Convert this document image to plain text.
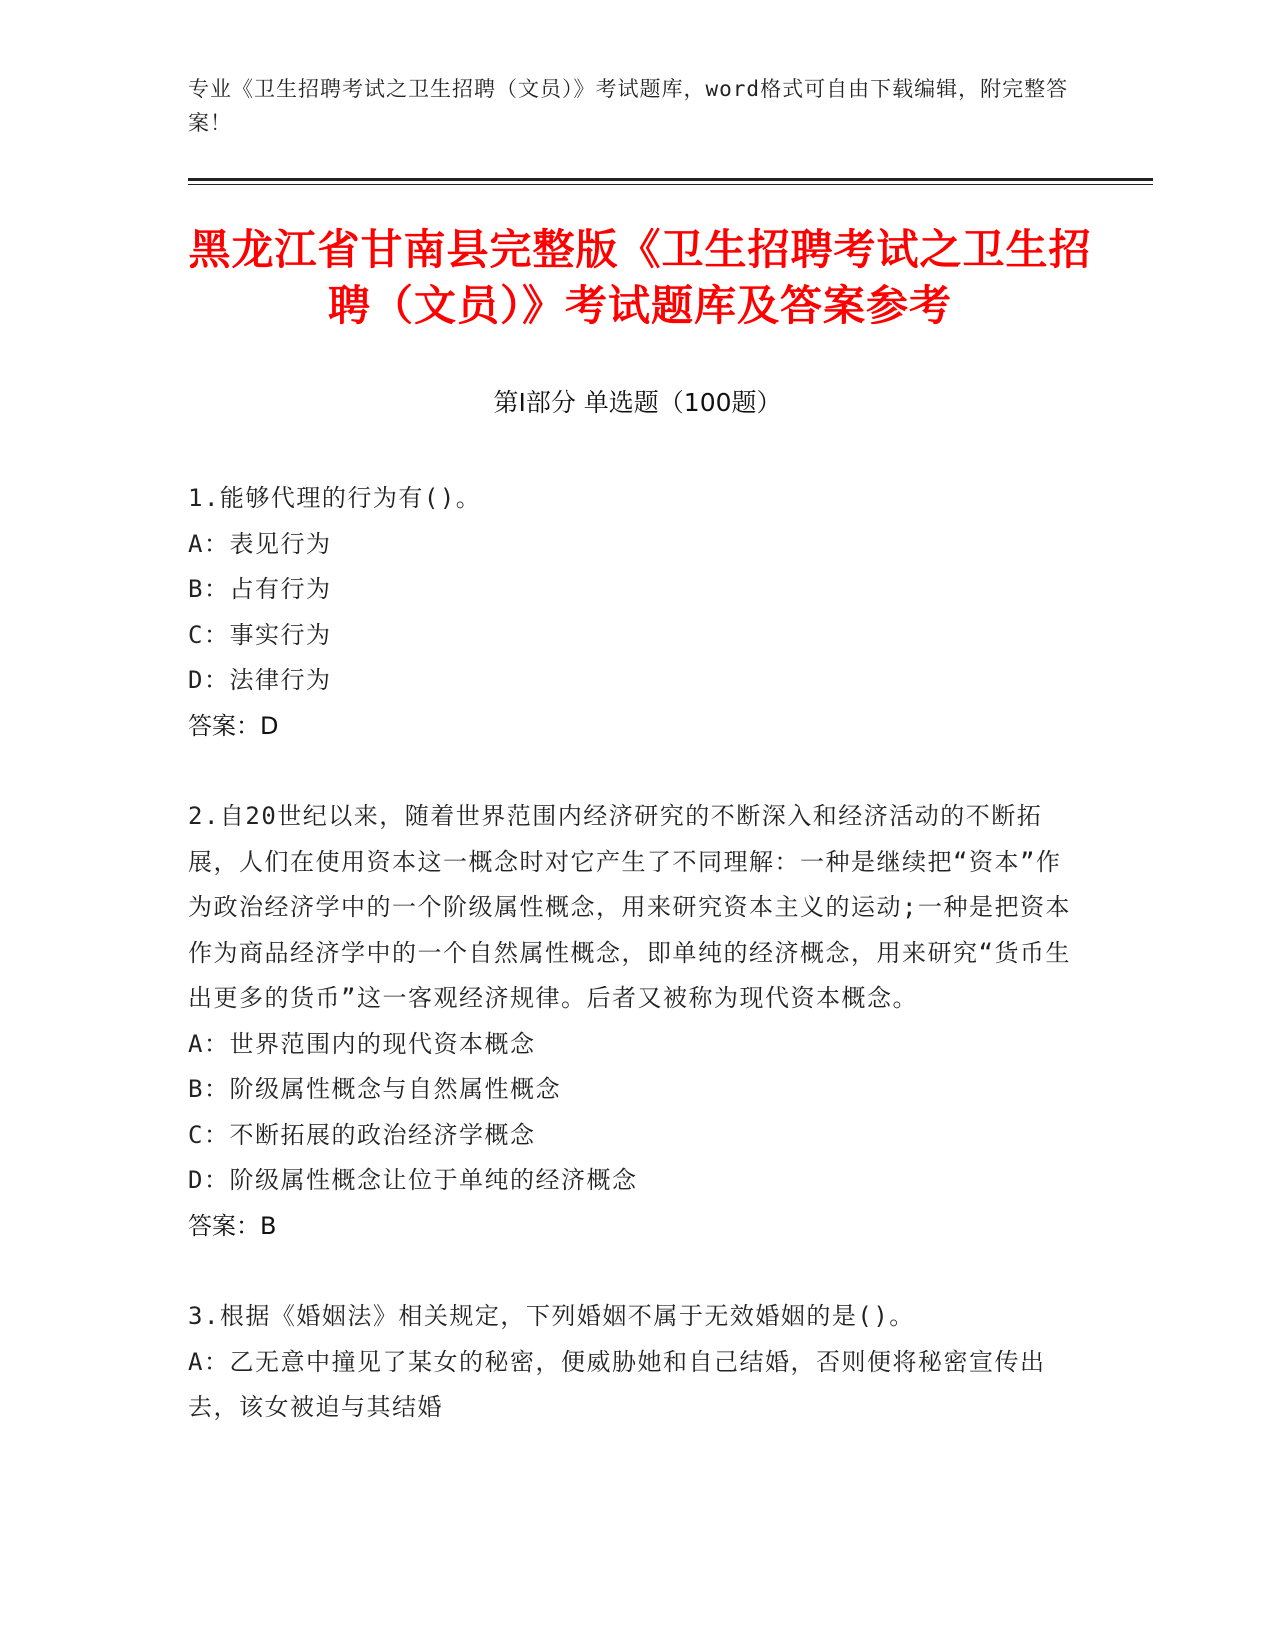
专业《卫生招聘考试之卫生招聘（文员）》考试题库，word格式可自由下载编辑，附完整答案！
黑龙江省甘南县完整版《卫生招聘考试之卫生招聘（文员）》考试题库及答案参考
第Ⅰ部分 单选题（100题）
1.能够代理的行为有()。
A：表见行为
B：占有行为
C：事实行为
D：法律行为
答案：D
2.自20世纪以来，随着世界范围内经济研究的不断深入和经济活动的不断拓展，人们在使用资本这一概念时对它产生了不同理解：一种是继续把“资本”作为政治经济学中的一个阶级属性概念，用来研究资本主义的运动;一种是把资本作为商品经济学中的一个自然属性概念，即单纯的经济概念，用来研究“货币生出更多的货币”这一客观经济规律。后者又被称为现代资本概念。
A：世界范围内的现代资本概念
B：阶级属性概念与自然属性概念
C：不断拓展的政治经济学概念
D：阶级属性概念让位于单纯的经济概念
答案：B
3.根据《婚姻法》相关规定，下列婚姻不属于无效婚姻的是()。
A：乙无意中撞见了某女的秘密，便威胁她和自己结婚，否则便将秘密宣传出去，该女被迫与其结婚
